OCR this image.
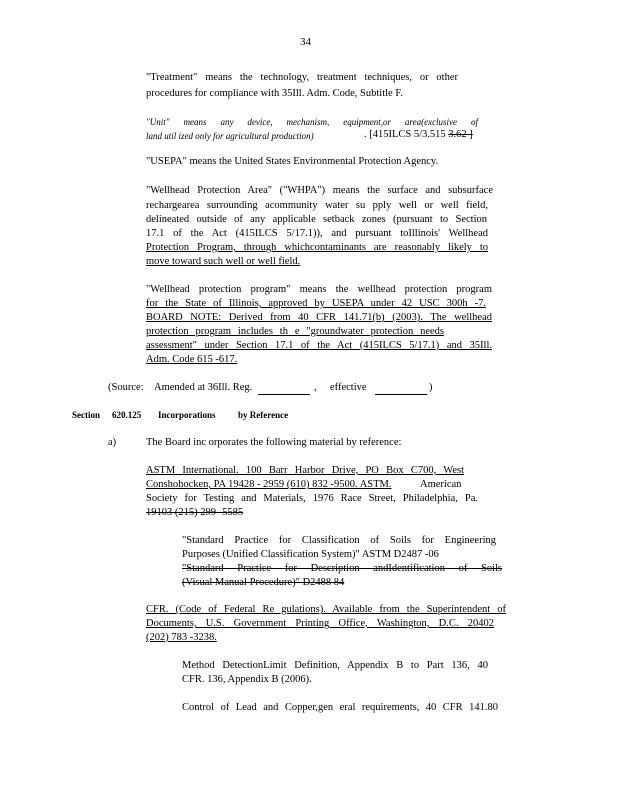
34
"Treatment" means the technology, treatment techniques, or other
procedures for compliance with 35Ill. Adm. Code, Subtitle F.
"Unit" means any device, mechanism, equipment,or area(exclusive of
land util ized only for agricultural production)	. [415ILCS 5/3.515 3.62 ]
"USEPA" means the United States Environmental Protection Agency.
"Wellhead Protection Area" ("WHPA") means the surface and subsurface
rechargearea surrounding acommunity water su pply well or well field,
delineated outside of any applicable setback zones (pursuant to Section
17.1 of the Act (415ILCS 5/17.1)), and pursuant toIllinois' Wellhead
Protection Program, through whichcontaminants are reasonably likely to
move toward such well or well field.
"Wellhead protection program" means the wellhead protection program
for the State of Illinois, approved by USEPA under 42 USC 300h -7.
BOARD NOTE: Derived from 40 CFR 141.71(b) (2003). The wellhead
protection program includes th e "groundwater protection needs
assessment" under Section 17.1 of the Act (415ILCS 5/17.1) and 35Ill.
Adm. Code 615 -617.
(Source: Amended at 36Ill. Reg.	, effective	)
Section 620.125 Incorporations by Reference
a)	The Board inc orporates the following material by reference:
ASTM International. 100 Barr Harbor Drive, PO Box C700, West
Conshohocken, PA 19428 - 2959 (610) 832 -9500. ASTM.	American
Society for Testing and Materials, 1976 Race Street, Philadelphia, Pa.
19103 (215) 299 -5585
"Standard Practice for Classification of Soils for Engineering
Purposes (Unified Classification System)" ASTM D2487 -06
"Standard Practice for Description andIdentification of Soils
(Visual Manual Procedure)" D2488 84
CFR. (Code of Federal Re gulations). Available from the Superintendent of
Documents, U.S. Government Printing Office, Washington, D.C. 20402
(202) 783 -3238.
Method DetectionLimit Definition, Appendix B to Part 136, 40
CFR. 136, Appendix B (2006).
Control of Lead and Copper,gen eral requirements, 40 CFR 141.80
